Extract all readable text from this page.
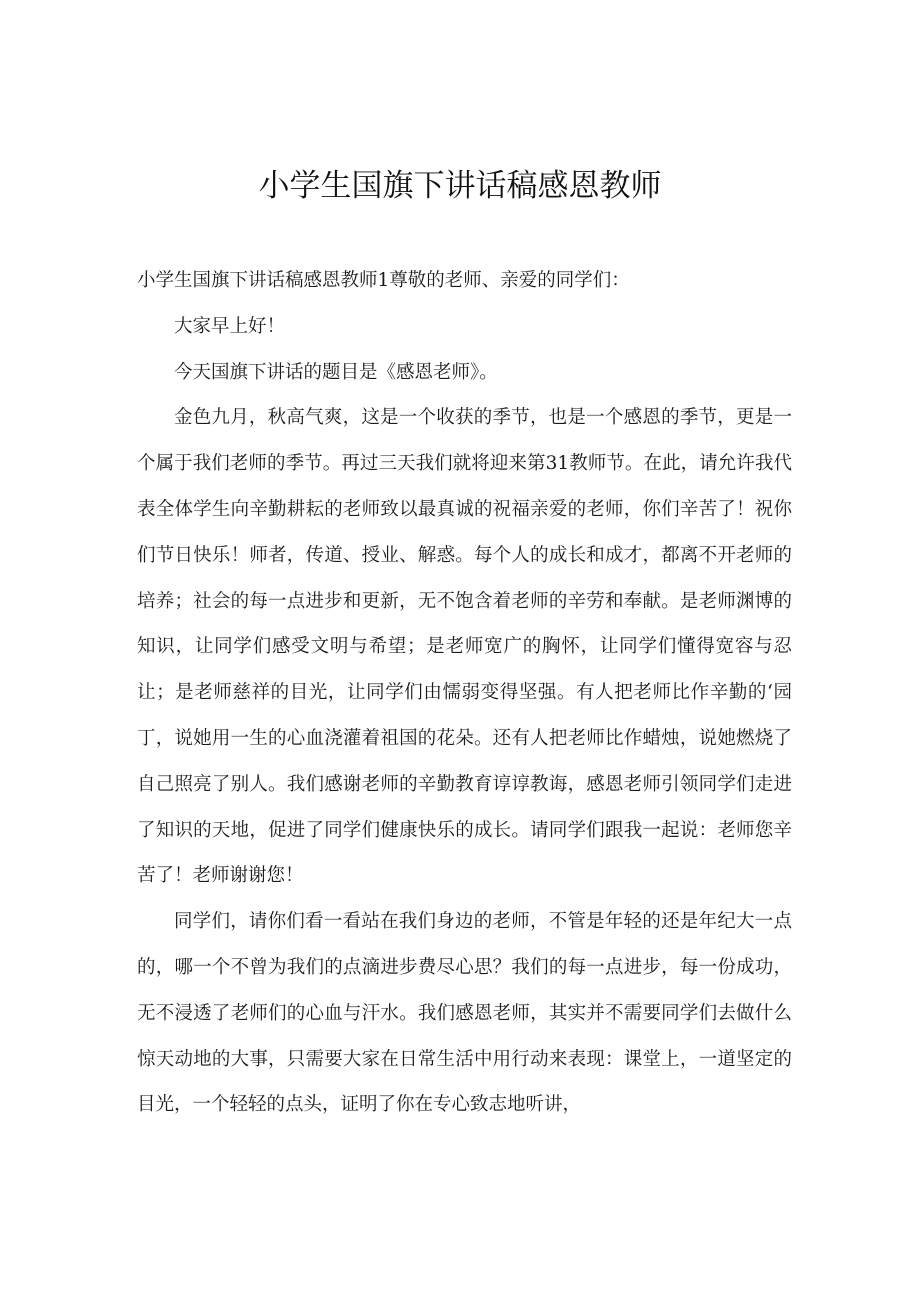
小学生国旗下讲话稿感恩教师

小学生国旗下讲话稿感恩教师1尊敬的老师、亲爱的同学们：

大家早上好！

今天国旗下讲话的题目是《感恩老师》。

金色九月，秋高气爽，这是一个收获的季节，也是一个感恩的季节，更是一个属于我们老师的季节。再过三天我们就将迎来第31教师节。在此，请允许我代表全体学生向辛勤耕耘的老师致以最真诚的祝福亲爱的老师，你们辛苦了！祝你们节日快乐！师者，传道、授业、解惑。每个人的成长和成才，都离不开老师的培养；社会的每一点进步和更新，无不饱含着老师的辛劳和奉献。是老师渊博的知识，让同学们感受文明与希望；是老师宽广的胸怀，让同学们懂得宽容与忍让；是老师慈祥的目光，让同学们由懦弱变得坚强。有人把老师比作辛勤的‘园丁，说她用一生的心血浇灌着祖国的花朵。还有人把老师比作蜡烛，说她燃烧了自己照亮了别人。我们感谢老师的辛勤教育谆谆教诲，感恩老师引领同学们走进了知识的天地，促进了同学们健康快乐的成长。请同学们跟我一起说：老师您辛苦了！老师谢谢您！

同学们，请你们看一看站在我们身边的老师，不管是年轻的还是年纪大一点的，哪一个不曾为我们的点滴进步费尽心思？我们的每一点进步，每一份成功，无不浸透了老师们的心血与汗水。我们感恩老师，其实并不需要同学们去做什么惊天动地的大事，只需要大家在日常生活中用行动来表现：课堂上，一道坚定的目光，一个轻轻的点头，证明了你在专心致志地听讲，
